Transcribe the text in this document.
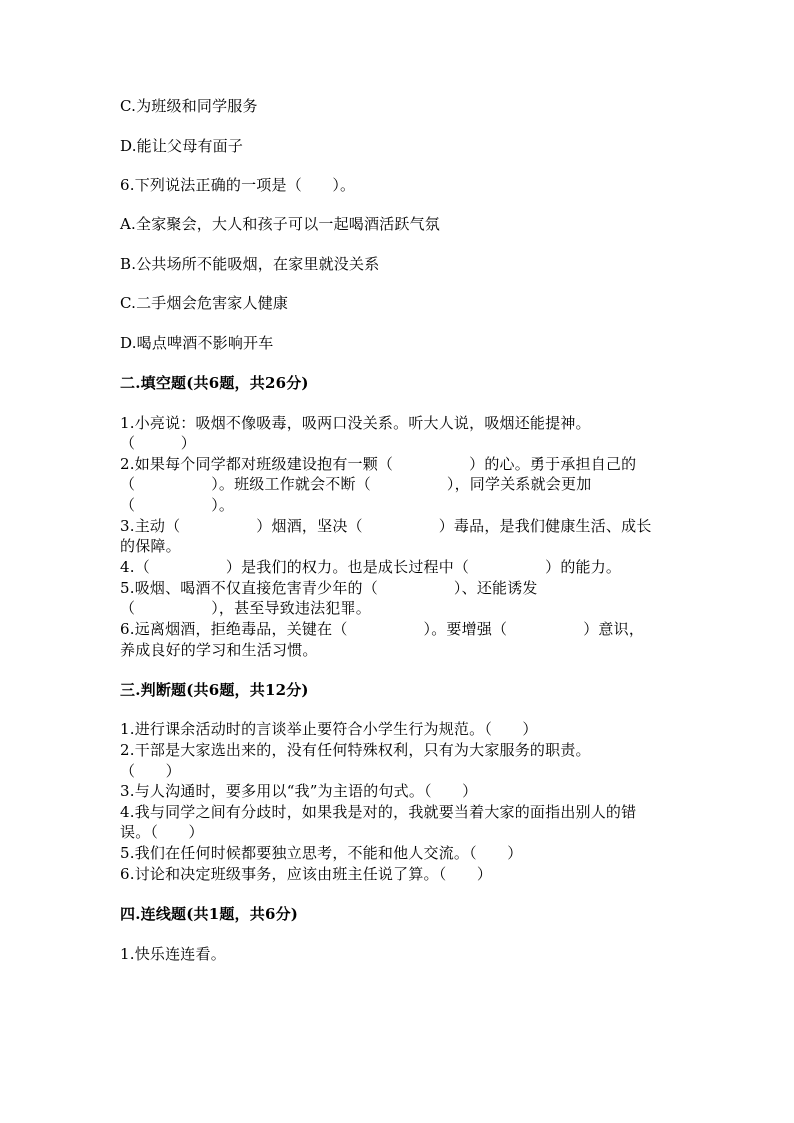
C.为班级和同学服务
D.能让父母有面子
6.下列说法正确的一项是（　　）。
A.全家聚会，大人和孩子可以一起喝酒活跃气氛
B.公共场所不能吸烟，在家里就没关系
C.二手烟会危害家人健康
D.喝点啤酒不影响开车
二.填空题(共6题，共26分)
1.小亮说：吸烟不像吸毒，吸两口没关系。听大人说，吸烟还能提神。
（　　　）
2.如果每个同学都对班级建设抱有一颗（　　　　　）的心。勇于承担自己的
（　　　　　）。班级工作就会不断（　　　　　），同学关系就会更加
（　　　　　）。
3.主动（　　　　　）烟酒，坚决（　　　　　）毒品，是我们健康生活、成长
的保障。
4.（　　　　　）是我们的权力。也是成长过程中（　　　　　）的能力。
5.吸烟、喝酒不仅直接危害青少年的（　　　　　）、还能诱发
（　　　　　），甚至导致违法犯罪。
6.远离烟酒，拒绝毒品，关键在（　　　　　）。要增强（　　　　　）意识，
养成良好的学习和生活习惯。
三.判断题(共6题，共12分)
1.进行课余活动时的言谈举止要符合小学生行为规范。（　　）
2.干部是大家选出来的，没有任何特殊权利，只有为大家服务的职责。
（　　）
3.与人沟通时，要多用以“我”为主语的句式。（　　）
4.我与同学之间有分歧时，如果我是对的，我就要当着大家的面指出别人的错
误。（　　）
5.我们在任何时候都要独立思考，不能和他人交流。（　　）
6.讨论和决定班级事务，应该由班主任说了算。（　　）
四.连线题(共1题，共6分)
1.快乐连连看。
